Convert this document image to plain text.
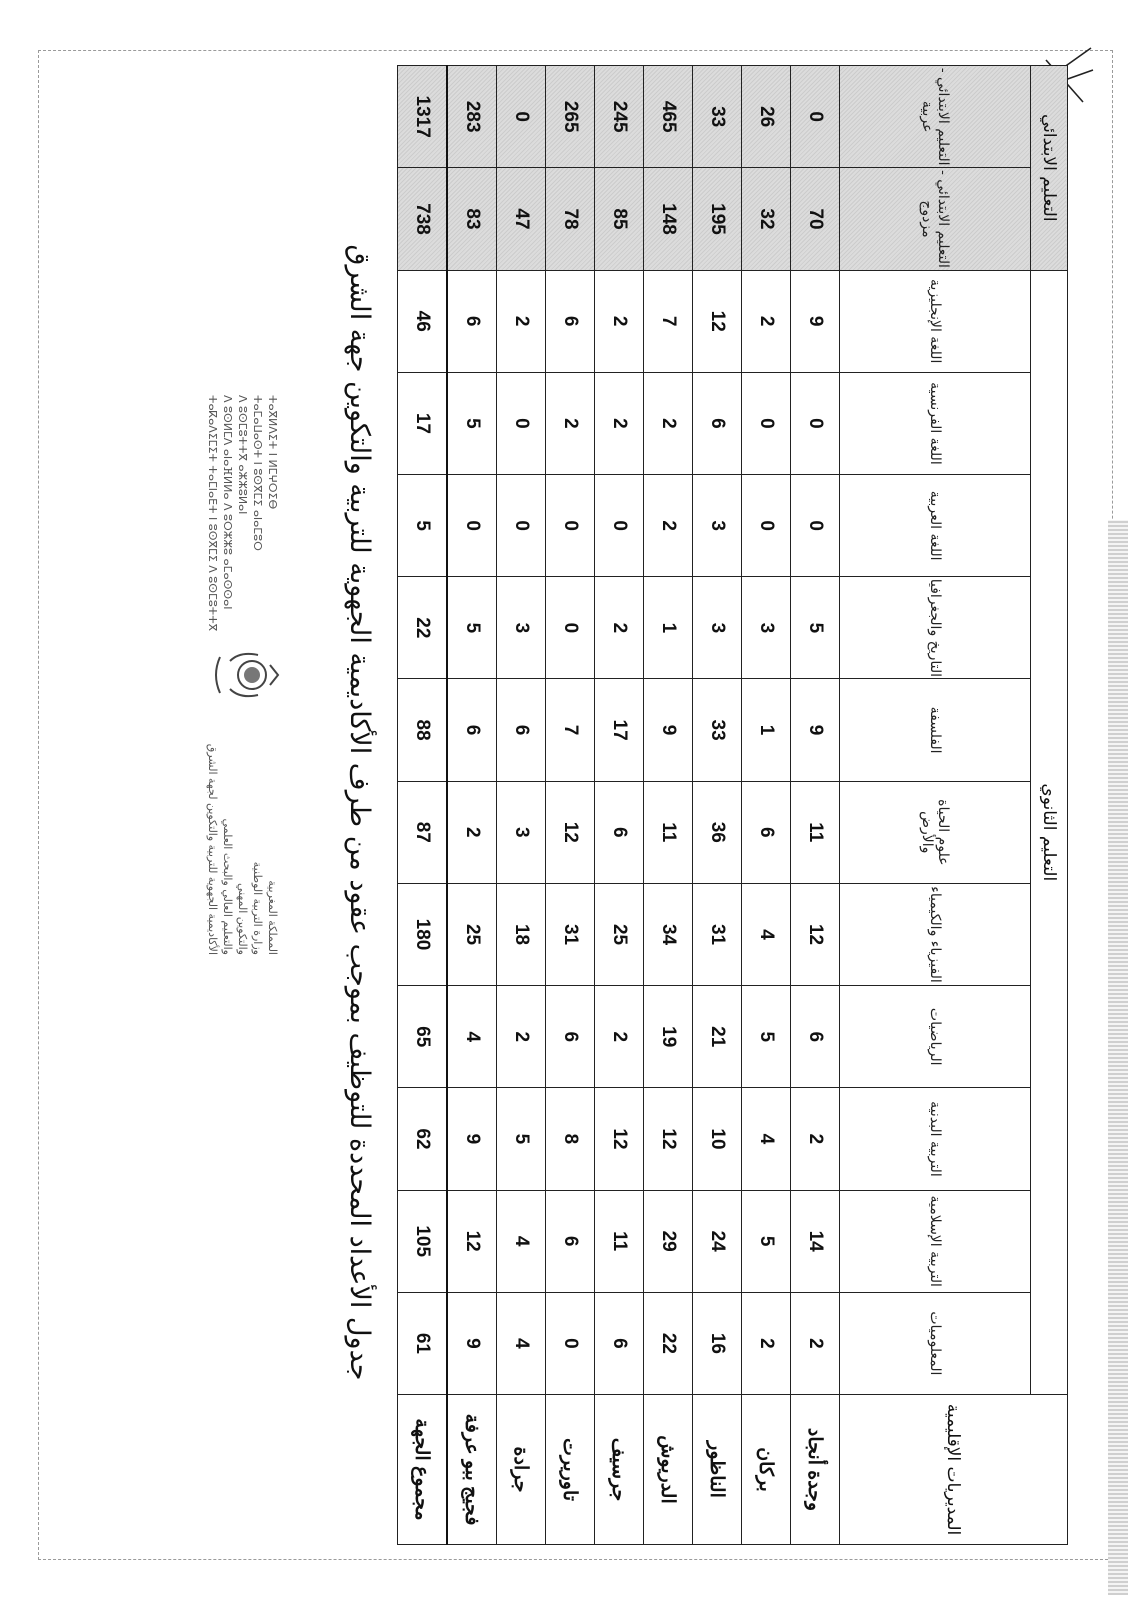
المملكة المغربية
وزارة التربية الوطنية
والتكوين المهني
والتعليم العالي والبحث العلمي
الأكاديمية الجهوية للتربية والتكوين لجهة الشرق
ⵜⴰⴳⵍⴷⵉⵜ ⵏ ⵍⵎⵖⵔⵉⴱ
ⵜⴰⵎⴰⵡⴰⵙⵜ ⵏ ⵓⵙⴳⵎⵉ ⴰⵏⴰⵎⵓⵔ
ⴷ ⵓⵙⵎⵓⵜⵜⴳ ⴰⵣⵣⵓⵍⴰⵏ
ⴷ ⵓⵙⵍⵎⴷ ⴰⵏⴰⴼⵍⵍⴰ ⴷ ⵓⵔⵣⵣⵓ ⴰⵎⴰⵙⵙⴰⵏ
ⵜⴰⴽⴰⴷⵉⵎⵉⵜ ⵜⴰⵎⵏⴰⴹⵜ ⵏ ⵓⵙⴳⵎⵉ ⴷ ⵓⵙⵎⵓⵜⵜⴳ	جدول الأعداد المحددة للتوظيف بموجب عقود من طرف الأكاديمية الجهوية للتربية والتكوين جهة الشرق
المديريات الإقليمية	التعليم الثانوي											التعليم الابتدائي	
	المعلوميات	التربية الإسلامية	التربية البدنية	الرياضيات	الفيزياء والكيمياء	علوم الحياة والأرض	الفلسفة	التاريخ والجغرافيا	اللغة العربية	اللغة الفرنسية	اللغة الإنجليزية	التعليم الابتدائي - مزدوج	التعليم الابتدائي - عربية
وجدة أنجاد	2	14	2	6	12	11	9	5	0	0	9	70	0
بركان	2	5	4	5	4	6	1	3	0	0	2	32	26
الناظور	16	24	10	21	31	36	33	3	3	6	12	195	33
الدريوش	22	29	12	19	34	11	9	1	2	2	7	148	465
جرسيف	6	11	12	2	25	6	17	2	0	2	2	85	245
تاوريرت	0	6	8	6	31	12	7	0	0	2	6	78	265
جرادة	4	4	5	2	18	3	6	3	0	0	2	47	0
فجيج ببو عرفة	9	12	9	4	25	2	6	5	0	5	6	83	283
مجموع الجهة	61	105	62	65	180	87	88	22	5	17	46	738	1317
